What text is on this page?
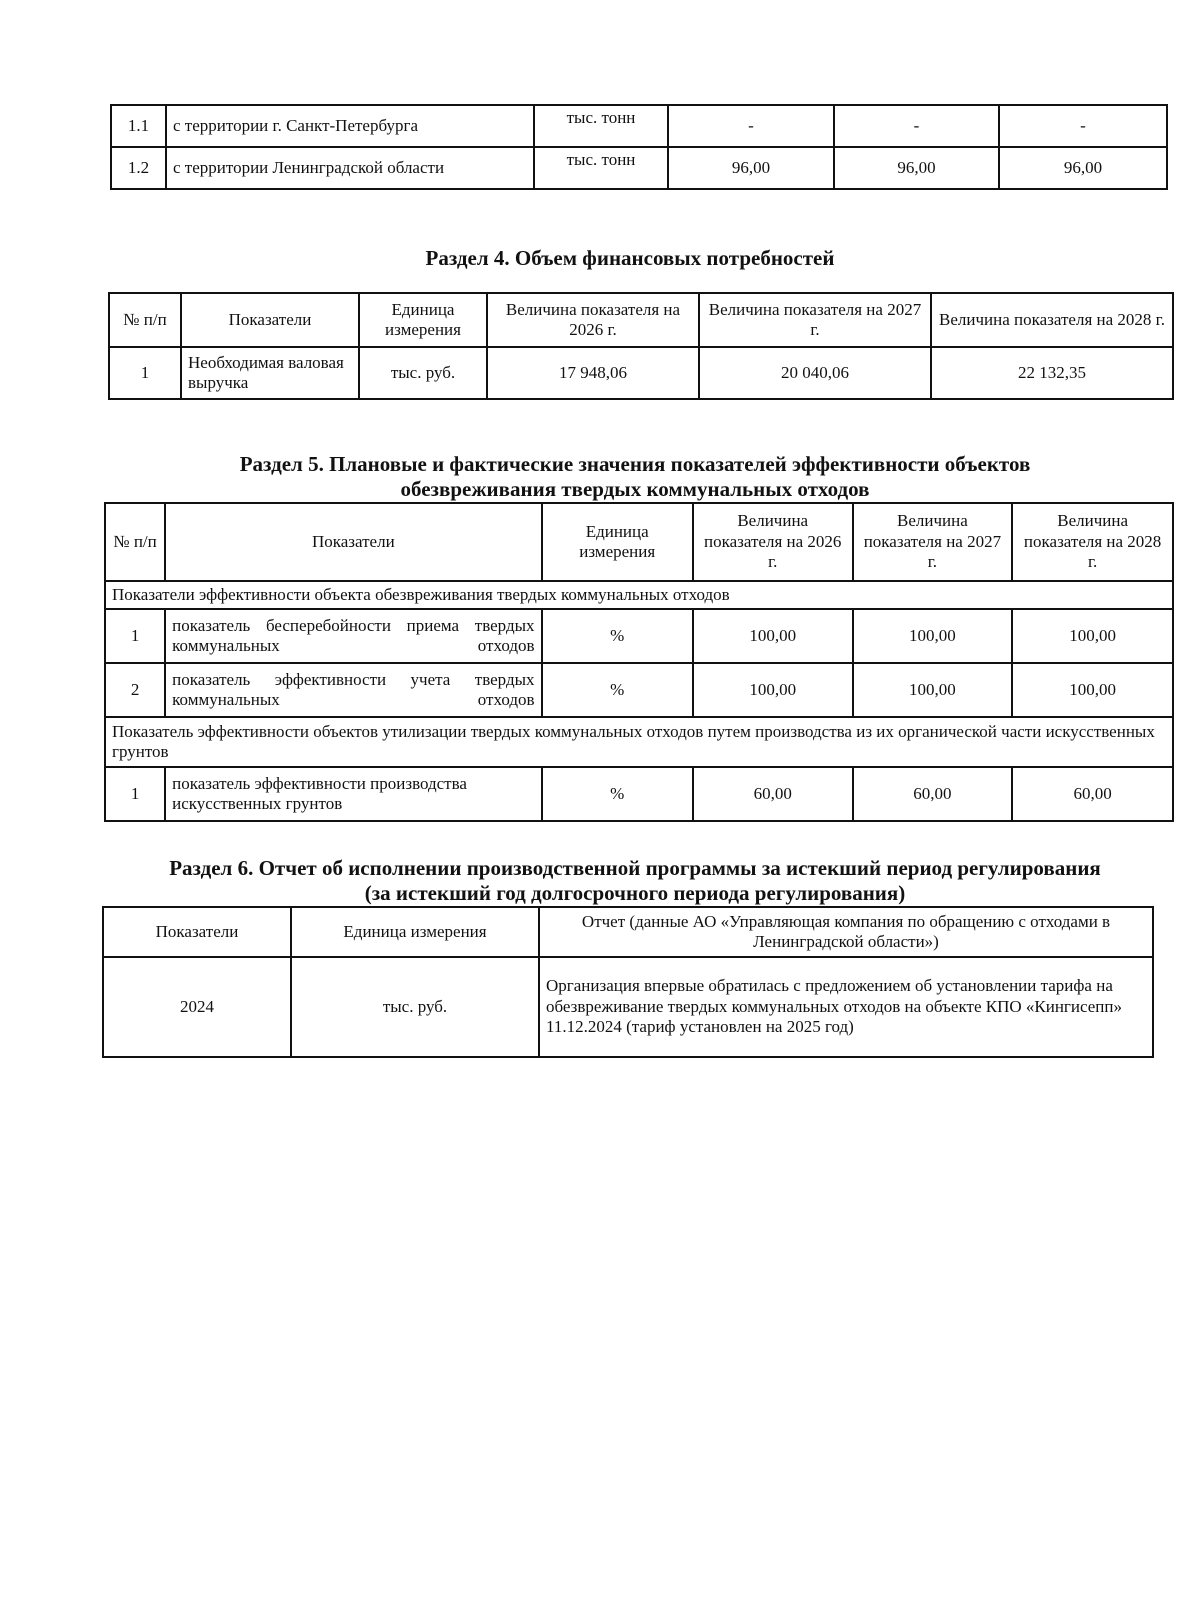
1.1	с территории г. Санкт-Петербурга	тыс. тонн	-	-	-
1.2	с территории Ленинградской области	тыс. тонн	96,00	96,00	96,00
Раздел 4. Объем финансовых потребностей
№ п/п	Показатели	Единица измерения	Величина показателя на 2026 г.	Величина показателя на 2027 г.	Величина показателя на 2028 г.
1	Необходимая валовая выручка	тыс. руб.	17 948,06	20 040,06	22 132,35
Раздел 5. Плановые и фактические значения показателей эффективности объектов обезвреживания твердых коммунальных отходов
№ п/п	Показатели	Единица измерения	Величина показателя на 2026 г.	Величина показателя на 2027 г.	Величина показателя на 2028 г.
Показатели эффективности объекта обезвреживания твердых коммунальных отходов					
1	показатель бесперебойности приема твердых коммунальных отходов	%	100,00	100,00	100,00
2	показатель эффективности учета твердых коммунальных отходов	%	100,00	100,00	100,00
Показатель эффективности объектов утилизации твердых коммунальных отходов путем производства из их органической части искусственных грунтов					
1	показатель эффективности производства искусственных грунтов	%	60,00	60,00	60,00
Раздел 6. Отчет об исполнении производственной программы за истекший период регулирования (за истекший год долгосрочного периода регулирования)
Показатели	Единица измерения	Отчет (данные АО «Управляющая компания по обращению с отходами в Ленинградской области»)
2024	тыс. руб.	Организация впервые обратилась с предложением об установлении тарифа на обезвреживание твердых коммунальных отходов на объекте КПО «Кингисепп» 11.12.2024 (тариф установлен на 2025 год)
